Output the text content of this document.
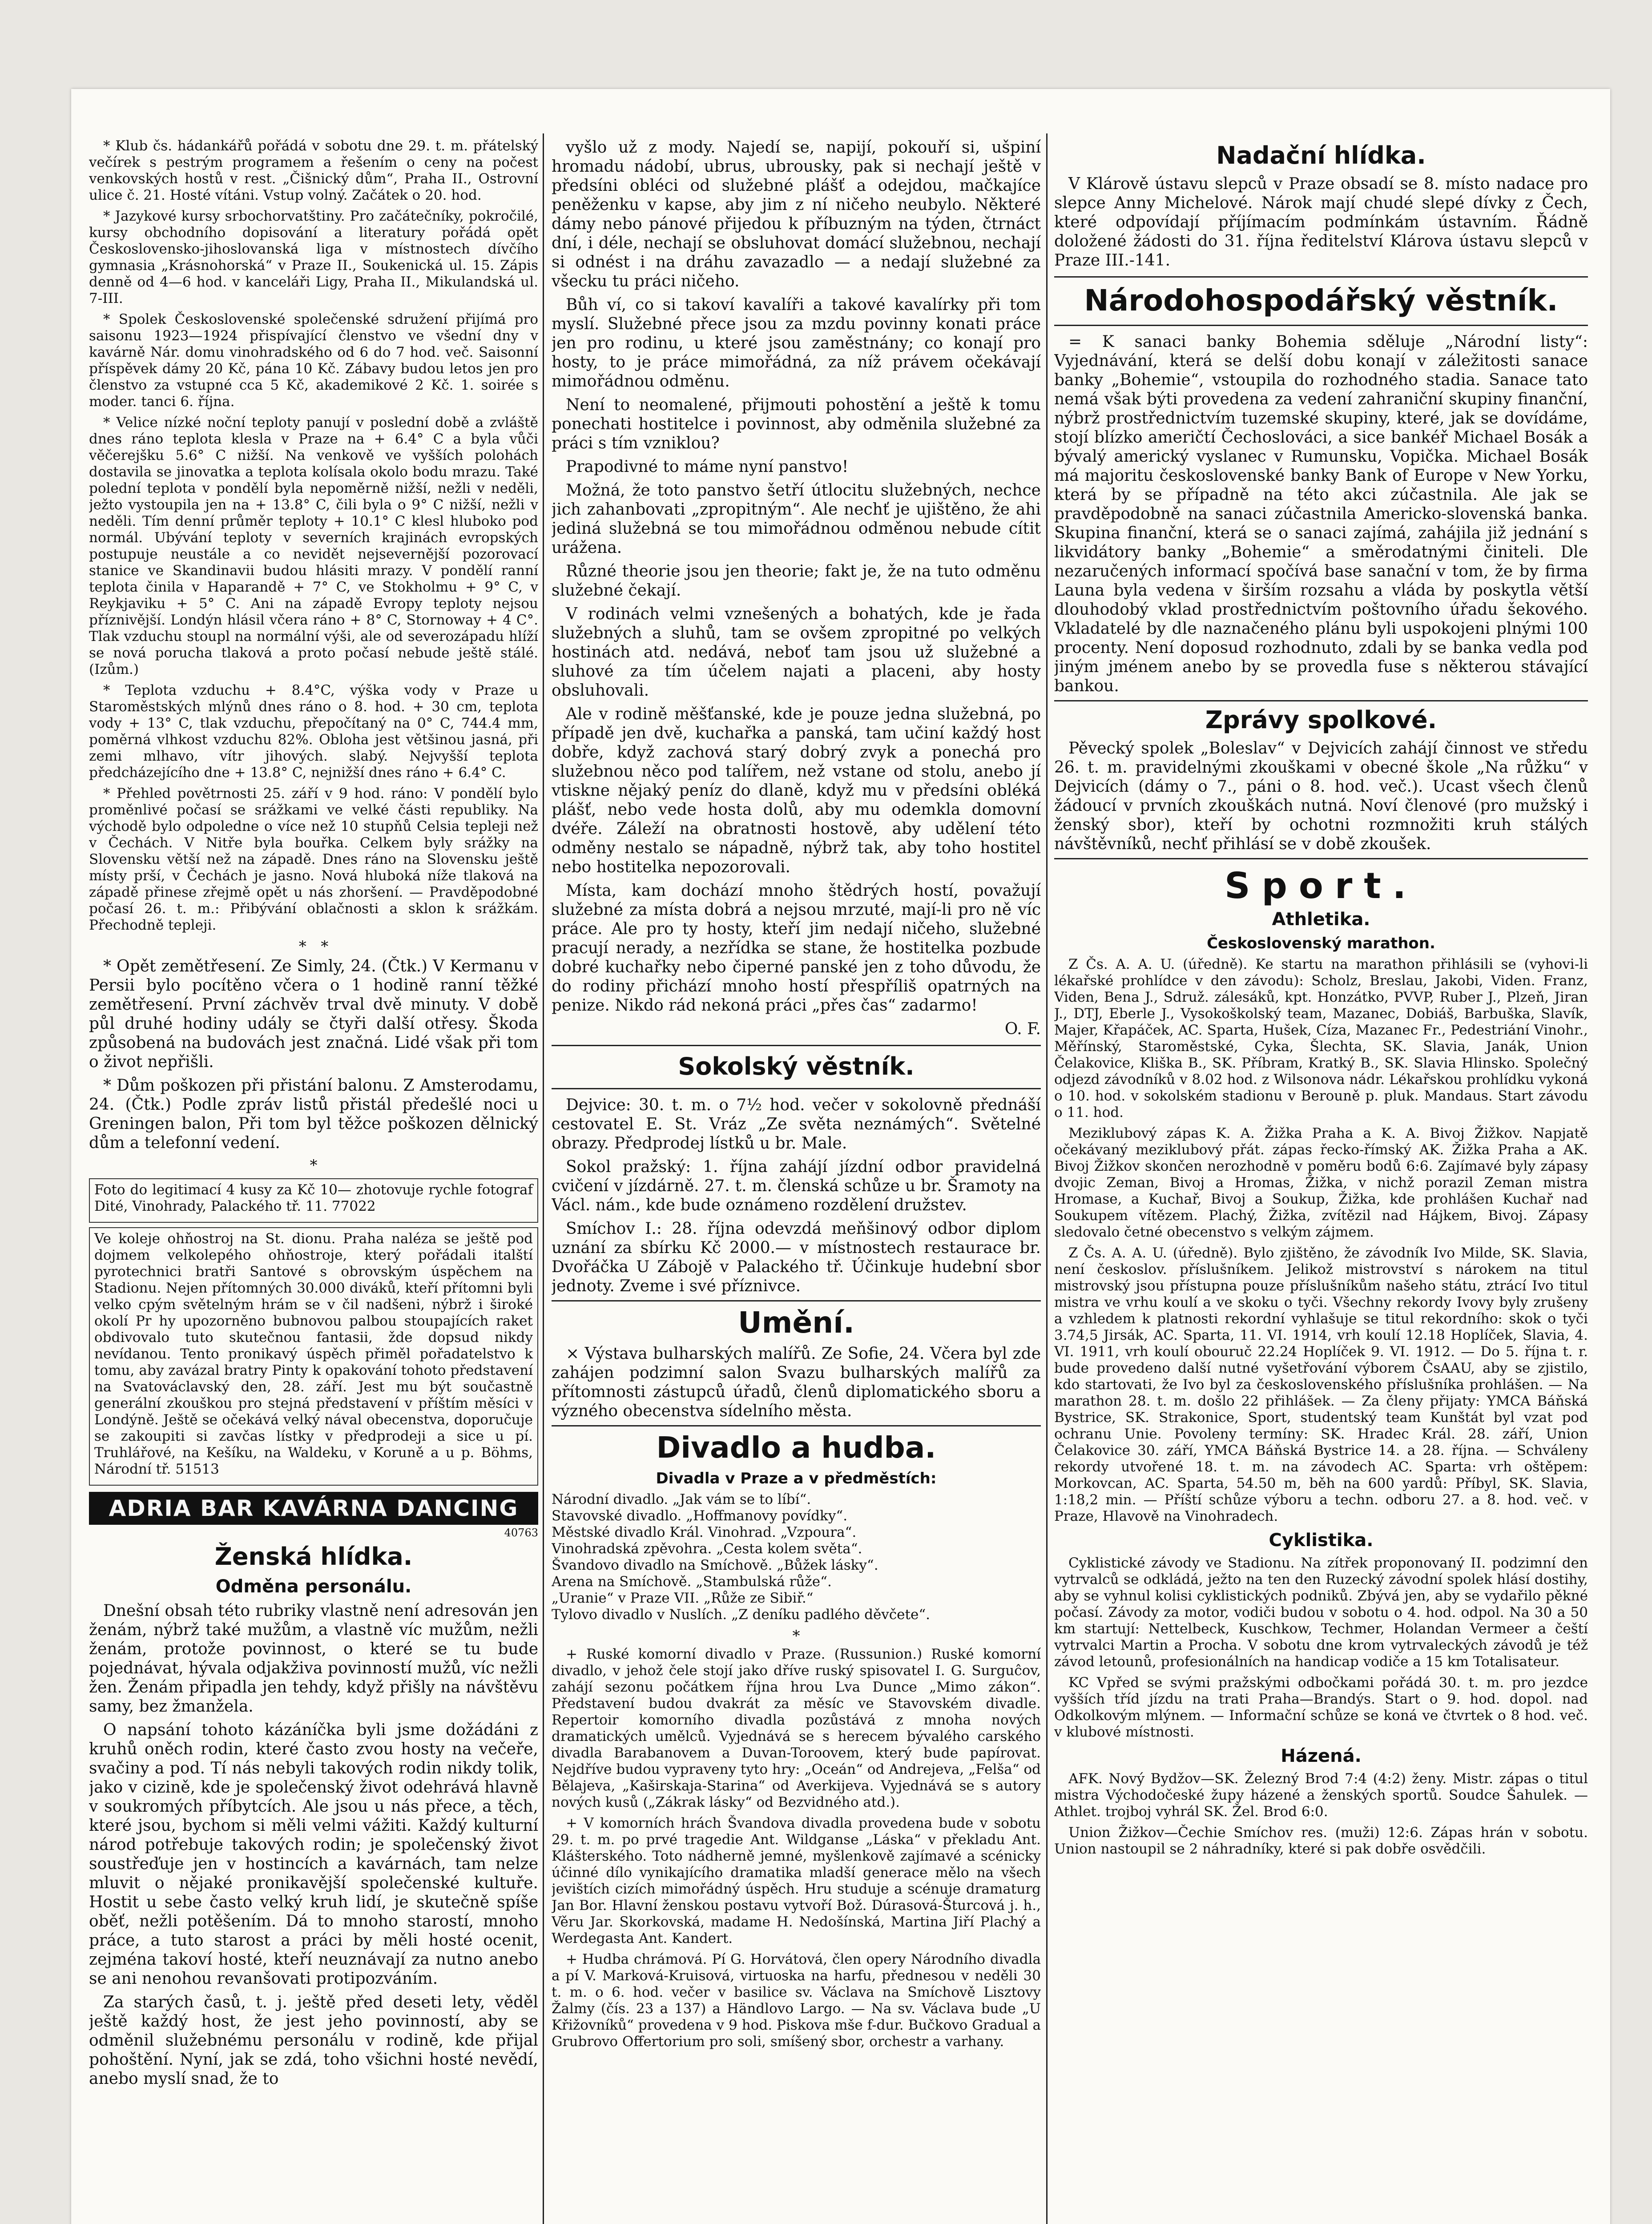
* Klub čs. hádankářů pořádá v sobotu dne 29. t. m. přátelský večírek s pestrým programem a řešením o ceny na počest venkovských hostů v rest. „Čišnický dům“, Praha II., Ostrovní ulice č. 21. Hosté vítáni. Vstup volný. Začátek o 20. hod.

* Jazykové kursy srbochorvatštiny. Pro začátečníky, pokročilé, kursy obchodního dopisování a literatury pořádá opět Československo-jihoslovanská liga v místnostech dívčího gymnasia „Krásnohorská“ v Praze II., Soukenická ul. 15. Zápis denně od 4—6 hod. v kanceláři Ligy, Praha II., Mikulandská ul. 7-III.

* Spolek Československé společenské sdružení přijímá pro saisonu 1923—1924 přispívající členstvo ve všední dny v kavárně Nár. domu vinohradského od 6 do 7 hod. več. Saisonní příspěvek dámy 20 Kč, pána 10 Kč. Zábavy budou letos jen pro členstvo za vstupné cca 5 Kč, akademikové 2 Kč. 1. soirée s moder. tanci 6. října.

* Velice nízké noční teploty panují v poslední době a zvláště dnes ráno teplota klesla v Praze na + 6.4° C a byla vůči věčerejšku 5.6° C nižší. Na venkově ve vyšších polohách dostavila se jinovatka a teplota kolísala okolo bodu mrazu. Také polední teplota v pondělí byla nepoměrně nižší, nežli v neděli, ježto vystoupila jen na + 13.8° C, čili byla o 9° C nižší, nežli v neděli. Tím denní průměr teploty + 10.1° C klesl hluboko pod normál. Ubývání teploty v severních krajinách evropských postupuje neustále a co nevidět nejsevernější pozorovací stanice ve Skandinavii budou hlásiti mrazy. V pondělí ranní teplota činila v Haparandě + 7° C, ve Stokholmu + 9° C, v Reykjaviku + 5° C. Ani na západě Evropy teploty nejsou příznivější. Londýn hlásil včera ráno + 8° C, Stornoway + 4 C°. Tlak vzduchu stoupl na normální výši, ale od severozápadu hlíží se nová porucha tlaková a proto počasí nebude ještě stálé. (Izům.)

* Teplota vzduchu + 8.4°C, výška vody v Praze u Staroměstských mlýnů dnes ráno o 8. hod. + 30 cm, teplota vody + 13° C, tlak vzduchu, přepočítaný na 0° C, 744.4 mm, poměrná vlhkost vzduchu 82%. Obloha jest většinou jasná, při zemi mlhavo, vítr jihových. slabý. Nejvyšší teplota předcházejícího dne + 13.8° C, nejnižší dnes ráno + 6.4° C.

* Přehled povětrnosti 25. září v 9 hod. ráno: V pondělí bylo proměnlivé počasí se srážkami ve velké části republiky. Na východě bylo odpoledne o více než 10 stupňů Celsia tepleji než v Čechách. V Nitře byla bouřka. Celkem byly srážky na Slovensku větší než na západě. Dnes ráno na Slovensku ještě místy prší, v Čechách je jasno. Nová hluboká níže tlaková na západě přinese zřejmě opět u nás zhoršení. — Pravděpodobné počasí 26. t. m.: Přibývání oblačnosti a sklon k srážkám. Přechodně tepleji.

*   *

* Opět zemětřesení. Ze Simly, 24. (Čtk.) V Kermanu v Persii bylo pocítěno včera o 1 hodině ranní těžké zemětřesení. První záchvěv trval dvě minuty. V době půl druhé hodiny udály se čtyři další otřesy. Škoda způsobená na budovách jest značná. Lidé však při tom o život nepřišli.

* Dům poškozen při přistání balonu. Z Amsterodamu, 24. (Čtk.) Podle zpráv listů přistál předešlé noci u Greningen balon, Při tom byl těžce poškozen dělnický dům a telefonní vedení.

*

Foto do legitimací 4 kusy za Kč 10— zhotovuje rychle fotograf Dité, Vinohrady, Palackého tř. 11. 77022

Ve koleje ohňostroj na St. dionu. Praha naléza se ještě pod dojmem velkolepého ohňostroje, který pořádali italští pyrotechnici bratři Santové s obrovským úspěchem na Stadionu. Nejen přítomných 30.000 diváků, kteří přítomni byli velko cpým světelným hrám se v čil nadšeni, nýbrž i široké okolí Pr hy upozorněno bubnovou palbou stoupajících raket obdivovalo tuto skutečnou fantasii, žde dopsud nikdy nevídanou. Tento pronikavý úspěch přiměl pořadatelstvo k tomu, aby zavázal bratry Pinty k opakování tohoto představení na Svatováclavský den, 28. září. Jest mu být součastně generální zkouškou pro stejná představení v příštím měsíci v Londýně. Ještě se očekává velký nával obecenstva, doporučuje se zakoupiti si zavčas lístky v předprodeji a sice u pí. Truhlářové, na Kešíku, na Waldeku, v Koruně a u p. Böhms, Národní tř. 51513

ADRIA BAR KAVÁRNA DANCING
40763
Ženská hlídka.
Odměna personálu.

Dnešní obsah této rubriky vlastně není adresován jen ženám, nýbrž také mužům, a vlastně víc mužům, nežli ženám, protože povinnost, o které se tu bude pojednávat, hývala odjakživa povinností mužů, víc nežli žen. Ženám připadla jen tehdy, když přišly na návštěvu samy, bez žmanžela.

O napsání tohoto kázáníčka byli jsme dožádáni z kruhů oněch rodin, které často zvou hosty na večeře, svačiny a pod. Tí nás nebyli takových rodin nikdy tolik, jako v cizině, kde je společenský život odehrává hlavně v soukromých příbytcích. Ale jsou u nás přece, a těch, které jsou, bychom si měli velmi vážiti. Každý kulturní národ potřebuje takových rodin; je společenský život soustřeďuje jen v hostincích a kavárnách, tam nelze mluvit o nějaké pronikavější společenské kultuře. Hostit u sebe často velký kruh lidí, je skutečně spíše oběť, nežli potěšením. Dá to mnoho starostí, mnoho práce, a tuto starost a práci by měli hosté ocenit, zejména takoví hosté, kteří neuznávají za nutno anebo se ani nenohou revanšovati protipozváním.

Za starých časů, t. j. ještě před deseti lety, věděl ještě každý host, že jest jeho povinností, aby se odměnil služebnému personálu v rodině, kde přijal pohoštění. Nyní, jak se zdá, toho všichni hosté nevědí, anebo myslí snad, že to

vyšlo už z mody. Najedí se, napijí, pokouří si, ušpiní hromadu nádobí, ubrus, ubrousky, pak si nechají ještě v předsíni obléci od služebné plášť a odejdou, mačkajíce peněženku v kapse, aby jim z ní ničeho neubylo. Některé dámy nebo pánové přijedou k příbuzným na týden, čtrnáct dní, i déle, nechají se obsluhovat domácí služebnou, nechají si odnést i na dráhu zavazadlo — a nedají služebné za všecku tu práci ničeho.

Bůh ví, co si takoví kavalíři a takové kavalírky při tom myslí. Služebné přece jsou za mzdu povinny konati práce jen pro rodinu, u které jsou zaměstnány; co konají pro hosty, to je práce mimořádná, za níž právem očekávají mimořádnou odměnu.

Není to neomalené, přijmouti pohostění a ještě k tomu ponechati hostitelce i povinnost, aby odměnila služebné za práci s tím vzniklou?

Prapodivné to máme nyní panstvo!

Možná, že toto panstvo šetří útlocitu služebných, nechce jich zahanbovati „zpropitným“. Ale nechť je ujištěno, že ahi jediná služebná se tou mimořádnou odměnou nebude cítit urážena.

Různé theorie jsou jen theorie; fakt je, že na tuto odměnu služebné čekají.

V rodinách velmi vznešených a bohatých, kde je řada služebných a sluhů, tam se ovšem zpropitné po velkých hostinách atd. nedává, neboť tam jsou už služebné a sluhové za tím účelem najati a placeni, aby hosty obsluhovali.

Ale v rodině měšťanské, kde je pouze jedna služebná, po případě jen dvě, kuchařka a panská, tam učiní každý host dobře, když zachová starý dobrý zvyk a ponechá pro služebnou něco pod talířem, než vstane od stolu, anebo jí vtiskne nějaký peníz do dlaně, když mu v předsíni obléká plášť, nebo vede hosta dolů, aby mu odemkla domovní dvéře. Záleží na obratnosti hostově, aby udělení této odměny nestalo se nápadně, nýbrž tak, aby toho hostitel nebo hostitelka nepozorovali.

Místa, kam dochází mnoho štědrých hostí, považují služebné za místa dobrá a nejsou mrzuté, mají-li pro ně víc práce. Ale pro ty hosty, kteří jim nedají ničeho, služebné pracují nerady, a nezřídka se stane, že hostitelka pozbude dobré kuchařky nebo čiperné panské jen z toho důvodu, že do rodiny přichází mnoho hostí přespříliš opatrných na penize. Nikdo rád nekoná práci „přes čas“ zadarmo!

O. F.
Sokolský věstník.

Dejvice: 30. t. m. o 7½ hod. večer v sokolovně přednáší cestovatel E. St. Vráz „Ze světa neznámých“. Světelné obrazy. Předprodej lístků u br. Male.

Sokol pražský: 1. října zahájí jízdní odbor pravidelná cvičení v jízdárně. 27. t. m. členská schůze u br. Šramoty na Václ. nám., kde bude oznámeno rozdělení družstev.

Smíchov I.: 28. října odevzdá meňšinový odbor diplom uznání za sbírku Kč 2000.— v místnostech restaurace br. Dvořáčka U Zábojě v Palackého tř. Účinkuje hudební sbor jednoty. Zveme i své příznivce.

Umění.

× Výstava bulharských malířů. Ze Sofie, 24. Včera byl zde zahájen podzimní salon Svazu bulharských malířů za přítomnosti zástupců úřadů, členů diplomatického sboru a význého obecenstva sídelního města.

Divadlo a hudba.
Divadla v Praze a v předměstích:

Národní divadlo. „Jak vám se to líbí“.

Stavovské divadlo. „Hoffmanovy povídky“.

Městské divadlo Král. Vinohrad. „Vzpoura“.

Vinohradská zpěvohra. „Cesta kolem světa“.

Švandovo divadlo na Smíchově. „Bůžek lásky“.

Arena na Smíchově. „Stambulská růže“.

„Uranie“ v Praze VII. „Růže ze Sibiř.“

Tylovo divadlo v Nuslích. „Z deníku padlého děvčete“.

*

+ Ruské komorní divadlo v Praze. (Russunion.) Ruské komorní divadlo, v jehož čele stojí jako dříve ruský spisovatel I. G. Surguĉov, zahájí sezonu počátkem října hrou Lva Dunce „Mimo zákon“. Představení budou dvakrát za měsíc ve Stavovském divadle. Repertoir komorního divadla pozůstává z mnoha nových dramatických umělců. Vyjednává se s herecem bývalého carského divadla Barabanovem a Duvan-Toroovem, který bude papírovat. Nejdříve budou vypraveny tyto hry: „Oceán“ od Andrejeva, „Felša“ od Bělajeva, „Kaširskaja-Starina“ od Averkijeva. Vyjednává se s autory nových kusů („Zákrak lásky“ od Bezvidného atd.).

+ V komorních hrách Švandova divadla provedena bude v sobotu 29. t. m. po prvé tragedie Ant. Wildganse „Láska“ v překladu Ant. Klášterského. Toto nádherně jemné, myšlenkově zajímavé a scénicky účinné dílo vynikajícího dramatika mladší generace mělo na všech jevištích cizích mimořádný úspěch. Hru studuje a scénuje dramaturg Jan Bor. Hlavní ženskou postavu vytvoří Bož. Dúrasová-Šturcová j. h., Věru Jar. Skorkovská, madame H. Nedošínská, Martina Jiří Plachý a Werdegasta Ant. Kandert.

+ Hudba chrámová. Pí G. Horvátová, člen opery Národního divadla a pí V. Marková-Kruisová, virtuoska na harfu, přednesou v neděli 30 t. m. o 6. hod. večer v basilice sv. Václava na Smíchově Lisztovy Žalmy (čís. 23 a 137) a Händlovo Largo. — Na sv. Václava bude „U Křižovníků“ provedena v 9 hod. Piskova mše f-dur. Bučkovo Gradual a Grubrovo Offertorium pro soli, smíšený sbor, orchestr a varhany.

Nadační hlídka.

V Klárově ústavu slepců v Praze obsadí se 8. místo nadace pro slepce Anny Michelové. Nárok mají chudé slepé dívky z Čech, které odpovídají příjímacím podmínkám ústavním. Řádně doložené žádosti do 31. října ředitelství Klárova ústavu slepců v Praze III.-141.

Národohospodářský věstník.

= K sanaci banky Bohemia sděluje „Národní listy“: Vyjednávání, která se delší dobu konají v záležitosti sanace banky „Bohemie“, vstoupila do rozhodného stadia. Sanace tato nemá však býti provedena za vedení zahraniční skupiny finanční, nýbrž prostřednictvím tuzemské skupiny, které, jak se dovídáme, stojí blízko američtí Čechoslováci, a sice bankéř Michael Bosák a bývalý americký vyslanec v Rumunsku, Vopička. Michael Bosák má majoritu československé banky Bank of Europe v New Yorku, která by se případně na této akci zúčastnila. Ale jak se pravděpodobně na sanaci zúčastnila Americko-slovenská banka. Skupina finanční, která se o sanaci zajímá, zahájila již jednání s likvidátory banky „Bohemie“ a směrodatnými činiteli. Dle nezaručených informací spočívá base sanační v tom, že by firma Launa byla vedena v širším rozsahu a vláda by poskytla větší dlouhodobý vklad prostřednictvím poštovního úřadu šekového. Vkladatelé by dle naznačeného plánu byli uspokojeni plnými 100 procenty. Není doposud rozhodnuto, zdali by se banka vedla pod jiným jménem anebo by se provedla fuse s některou stávající bankou.

Zprávy spolkové.

Pěvecký spolek „Boleslav“ v Dejvicích zahájí činnost ve středu 26. t. m. pravidelnými zkouškami v obecné škole „Na růžku“ v Dejvicích (dámy o 7., páni o 8. hod. več.). Ucast všech členů žádoucí v prvních zkouškách nutná. Noví členové (pro mužský i ženský sbor), kteří by ochotni rozmnožiti kruh stálých návštěvníků, nechť přihlásí se v době zkoušek.

Sport.
Athletika.
Československý marathon.

Z Čs. A. A. U. (úředně). Ke startu na marathon přihlásili se (vyhovi-li lékařské prohlídce v den závodu): Scholz, Breslau, Jakobi, Viden. Franz, Viden, Bena J., Sdruž. zálesáků, kpt. Honzátko, PVVP, Ruber J., Plzeň, Jiran J., DTJ, Eberle J., Vysokoškolský team, Mazanec, Dobiáš, Barbuška, Slavík, Majer, Křapáček, AC. Sparta, Hušek, Cíza, Mazanec Fr., Pedestriání Vinohr., Měřínský, Staroměstské, Cyka, Šlechta, SK. Slavia, Janák, Union Čelakovice, Kliška B., SK. Příbram, Kratký B., SK. Slavia Hlinsko. Společný odjezd závodníků v 8.02 hod. z Wilsonova nádr. Lékařskou prohlídku vykoná o 10. hod. v sokolském stadionu v Berouně p. pluk. Mandaus. Start závodu o 11. hod.

Meziklubový zápas K. A. Žižka Praha a K. A. Bivoj Žižkov. Napjatě očekávaný meziklubový přát. zápas řecko-římský AK. Žižka Praha a AK. Bivoj Žižkov skončen nerozhodně v poměru bodů 6:6. Zajímavé byly zápasy dvojic Zeman, Bivoj a Hromas, Žižka, v nichž porazil Zeman mistra Hromase, a Kuchař, Bivoj a Soukup, Žižka, kde prohlášen Kuchař nad Soukupem vítězem. Plachý, Žižka, zvítězil nad Hájkem, Bivoj. Zápasy sledovalo četné obecenstvo s velkým zájmem.

Z Čs. A. A. U. (úředně). Bylo zjištěno, že závodník Ivo Milde, SK. Slavia, není českoslov. příslušníkem. Jelikož mistrovství s nárokem na titul mistrovský jsou přístupna pouze příslušníkům našeho státu, ztrácí Ivo titul mistra ve vrhu koulí a ve skoku o tyči. Všechny rekordy Ivovy byly zrušeny a vzhledem k platnosti rekordní vyhlašuje se titul rekordního: skok o tyči 3.74,5 Jirsák, AC. Sparta, 11. VI. 1914, vrh koulí 12.18 Hoplíček, Slavia, 4. VI. 1911, vrh koulí obouruč 22.24 Hoplíček 9. VI. 1912. — Do 5. října t. r. bude provedeno další nutné vyšetřování výborem ČsAAU, aby se zjistilo, kdo startovati, že Ivo byl za československého příslušníka prohlášen. — Na marathon 28. t. m. došlo 22 přihlášek. — Za členy přijaty: YMCA Báňská Bystrice, SK. Strakonice, Sport, studentský team Kunštát byl vzat pod ochranu Unie. Povoleny termíny: SK. Hradec Král. 28. září, Union Čelakovice 30. září, YMCA Báňská Bystrice 14. a 28. října. — Schváleny rekordy utvořené 18. t. m. na závodech AC. Sparta: vrh oštěpem: Morkovcan, AC. Sparta, 54.50 m, běh na 600 yardů: Příbyl, SK. Slavia, 1:18,2 min. — Příští schůze výboru a techn. odboru 27. a 8. hod. več. v Praze, Hlavově na Vinohradech.

Cyklistika.

Cyklistické závody ve Stadionu. Na zítřek proponovaný II. podzimní den vytrvalců se odkládá, ježto na ten den Ruzecký závodní spolek hlásí dostihy, aby se vyhnul kolisi cyklistických podniků. Zbývá jen, aby se vydařilo pěkné počasí. Závody za motor, vodiči budou v sobotu o 4. hod. odpol. Na 30 a 50 km startují: Nettelbeck, Kuschkow, Techmer, Holandan Vermeer a čeští vytrvalci Martin a Procha. V sobotu dne krom vytrvaleckých závodů je též závod letounů, profesionálních na handicap vodiče a 15 km Totalisateur.

KC Vpřed se svými pražskými odbočkami pořádá 30. t. m. pro jezdce vyšších tříd jízdu na trati Praha—Brandýs. Start o 9. hod. dopol. nad Odkolkovým mlýnem. — Informační schůze se koná ve čtvrtek o 8 hod. več. v klubové místnosti.

Házená.

AFK. Nový Bydžov—SK. Železný Brod 7:4 (4:2) ženy. Mistr. zápas o titul mistra Východočeské župy házené a ženských sportů. Soudce Šahulek. — Athlet. trojboj vyhrál SK. Žel. Brod 6:0.

Union Žižkov—Čechie Smíchov res. (muži) 12:6. Zápas hrán v sobotu. Union nastoupil se 2 náhradníky, které si pak dobře osvědčili.
